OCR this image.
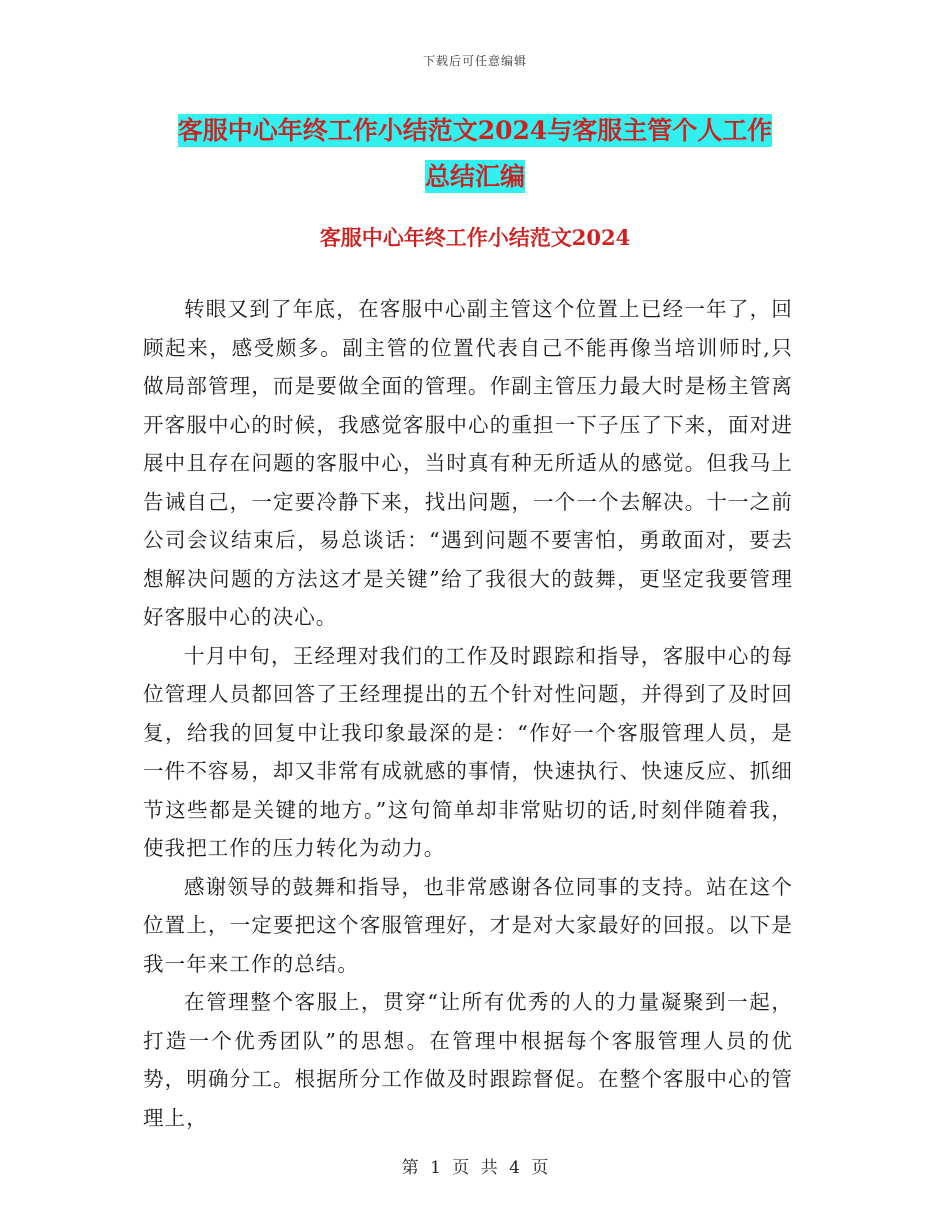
下载后可任意编辑
客服中心年终工作小结范文2024与客服主管个人工作
总结汇编
客服中心年终工作小结范文2024

转眼又到了年底，在客服中心副主管这个位置上已经一年了，回顾起来，感受颇多。副主管的位置代表自己不能再像当培训师时,只做局部管理，而是要做全面的管理。作副主管压力最大时是杨主管离开客服中心的时候，我感觉客服中心的重担一下子压了下来，面对进展中且存在问题的客服中心，当时真有种无所适从的感觉。但我马上告诫自己，一定要冷静下来，找出问题，一个一个去解决。十一之前公司会议结束后，易总谈话：“遇到问题不要害怕，勇敢面对，要去想解决问题的方法这才是关键”给了我很大的鼓舞，更坚定我要管理好客服中心的决心。

十月中旬，王经理对我们的工作及时跟踪和指导，客服中心的每位管理人员都回答了王经理提出的五个针对性问题，并得到了及时回复，给我的回复中让我印象最深的是：“作好一个客服管理人员，是一件不容易，却又非常有成就感的事情，快速执行、快速反应、抓细节这些都是关键的地方。”这句简单却非常贴切的话,时刻伴随着我，使我把工作的压力转化为动力。

感谢领导的鼓舞和指导，也非常感谢各位同事的支持。站在这个位置上，一定要把这个客服管理好，才是对大家最好的回报。以下是我一年来工作的总结。

在管理整个客服上，贯穿“让所有优秀的人的力量凝聚到一起，打造一个优秀团队”的思想。在管理中根据每个客服管理人员的优势，明确分工。根据所分工作做及时跟踪督促。在整个客服中心的管理上，

第 1 页 共 4 页
